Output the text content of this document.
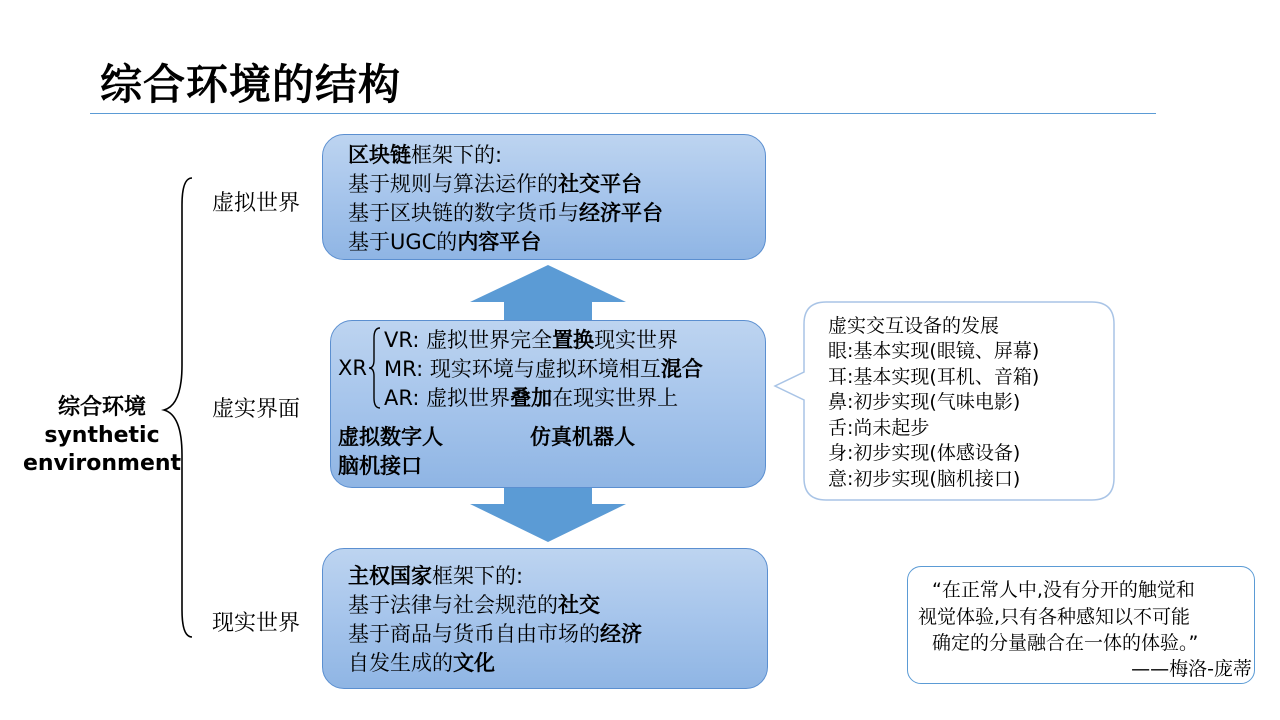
综合环境的结构
综合环境
synthetic
environment
虚拟世界
虚实界面
现实世界
区块链框架下的:
基于规则与算法运作的社交平台
基于区块链的数字货币与经济平台
基于UGC的内容平台
XR
VR: 虚拟世界完全置换现实世界
MR: 现实环境与虚拟环境相互混合
AR: 虚拟世界叠加在现实世界上
虚拟数字人	仿真机器人
脑机接口
主权国家框架下的:
基于法律与社会规范的社交
基于商品与货币自由市场的经济
自发生成的文化
虚实交互设备的发展
眼:基本实现(眼镜、屏幕)
耳:基本实现(耳机、音箱)
鼻:初步实现(气味电影)
舌:尚未起步
身:初步实现(体感设备)
意:初步实现(脑机接口)
“在正常人中,没有分开的触觉和
视觉体验,只有各种感知以不可能
确定的分量融合在一体的体验。”
——梅洛-庞蒂
